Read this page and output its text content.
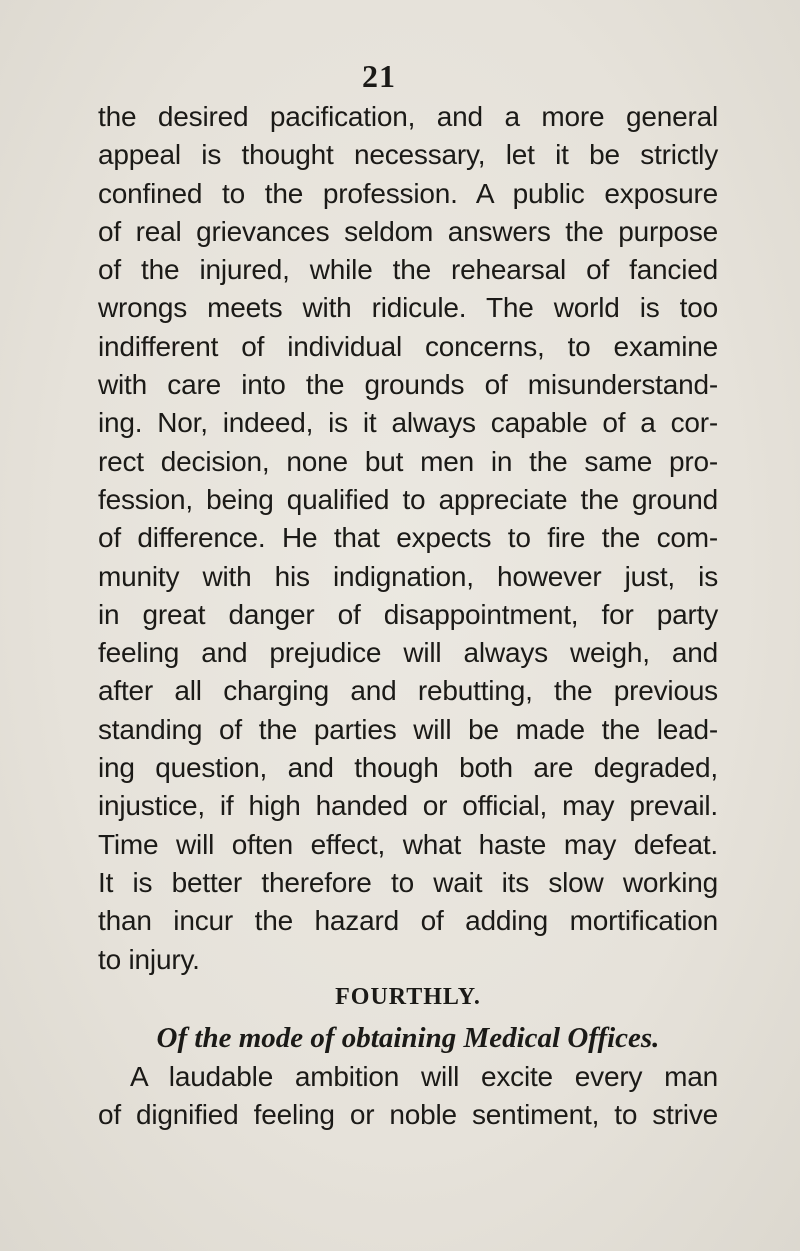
21
the desired pacification, and a more general
appeal is thought necessary, let it be strictly
confined to the profession. A public exposure
of real grievances seldom answers the purpose
of the injured, while the rehearsal of fancied
wrongs meets with ridicule. The world is too
indifferent of individual concerns, to examine
with care into the grounds of misunderstand-
ing. Nor, indeed, is it always capable of a cor-
rect decision, none but men in the same pro-
fession, being qualified to appreciate the ground
of difference. He that expects to fire the com-
munity with his indignation, however just, is
in great danger of disappointment, for party
feeling and prejudice will always weigh, and
after all charging and rebutting, the previous
standing of the parties will be made the lead-
ing question, and though both are degraded,
injustice, if high handed or official, may prevail.
Time will often effect, what haste may defeat.
It is better therefore to wait its slow working
than incur the hazard of adding mortification
to injury.
FOURTHLY.
Of the mode of obtaining Medical Offices.
A laudable ambition will excite every man
of dignified feeling or noble sentiment, to strive
